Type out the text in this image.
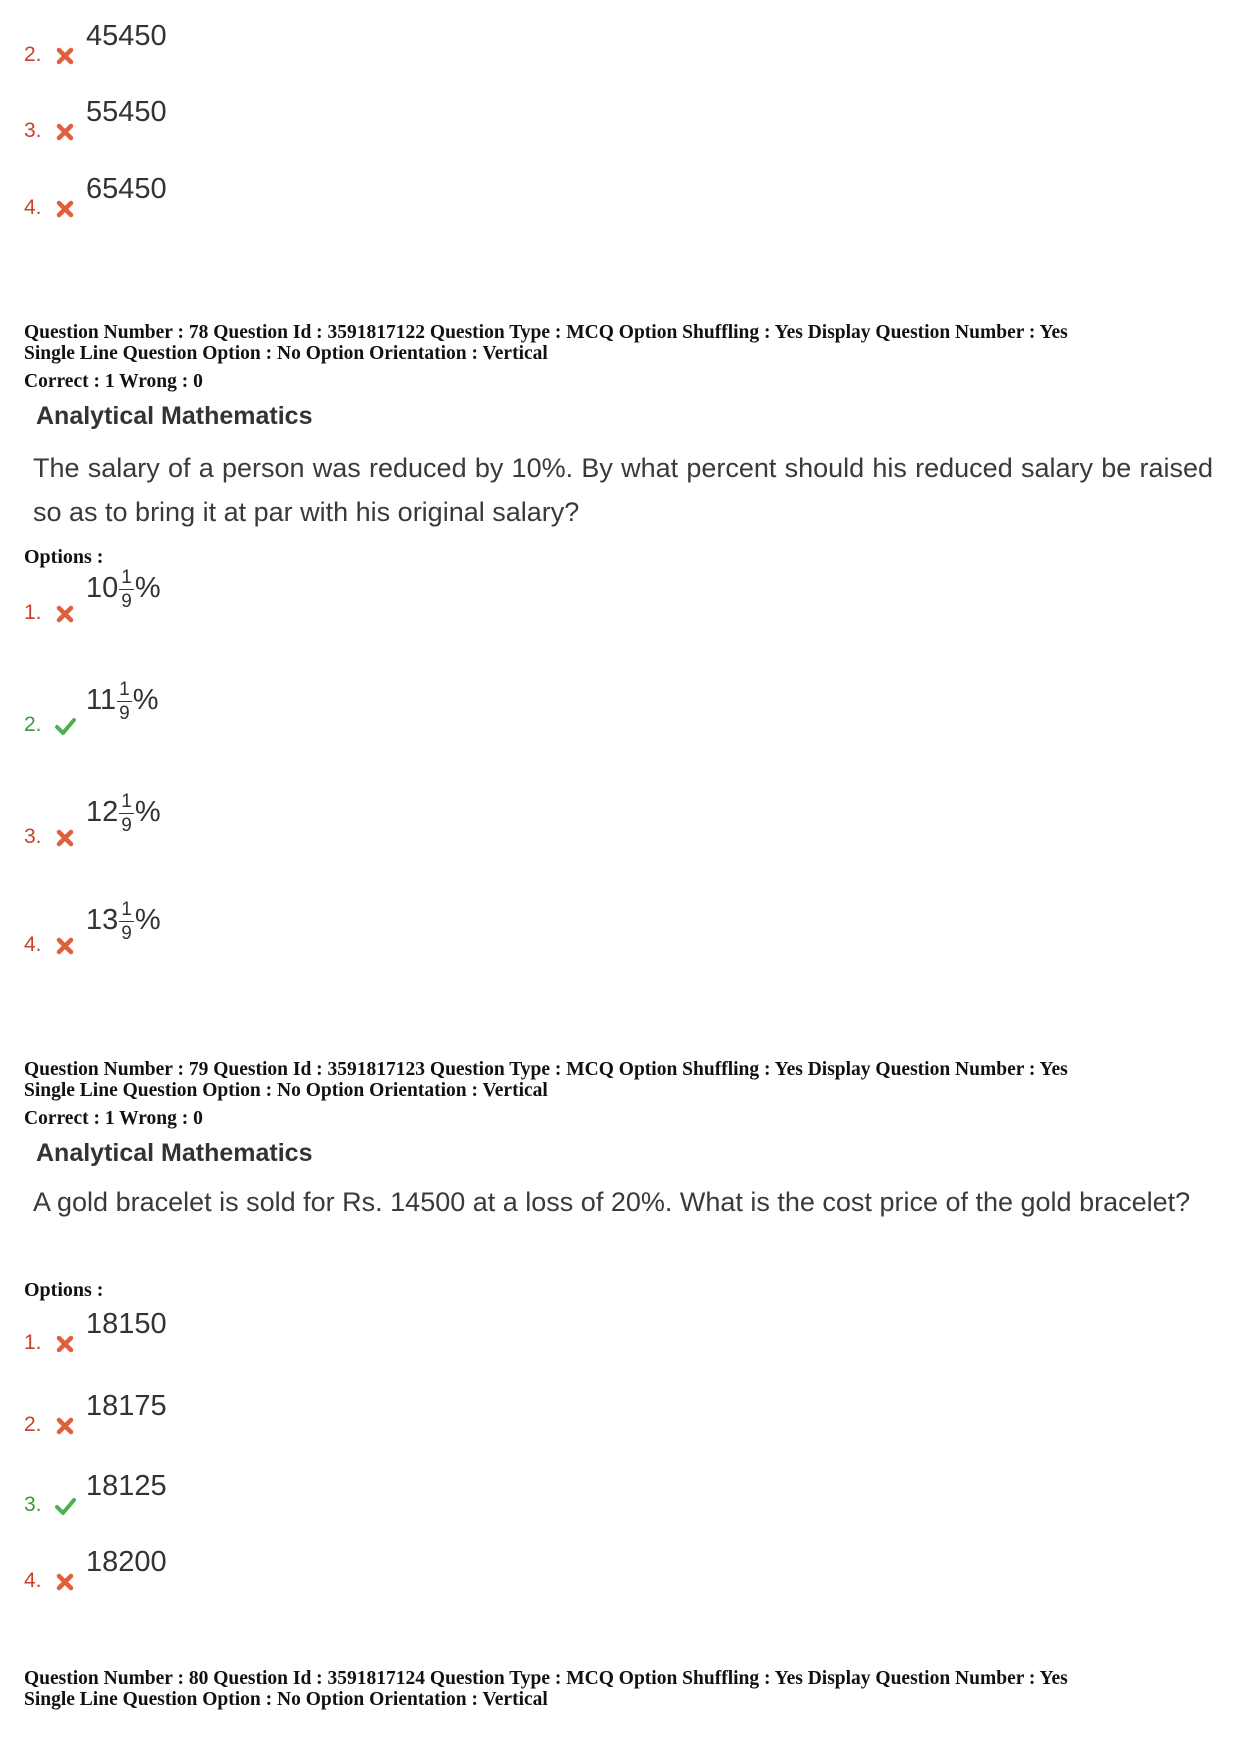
2.
45450
3.
55450
4.
65450
Question Number : 78 Question Id : 3591817122 Question Type : MCQ Option Shuffling : Yes Display Question Number : Yes
Single Line Question Option : No Option Orientation : Vertical
Correct : 1 Wrong : 0
Analytical Mathematics
The salary of a person was reduced by 10%. By what percent should his reduced salary be raised so as to bring it at par with his original salary?
Options :
1.
$10 \frac{1}{9}$ %
2.
$11 \frac{1}{9}$ %
3.
$12 \frac{1}{9}$ %
4.
$13 \frac{1}{9}$ %
Question Number : 79 Question Id : 3591817123 Question Type : MCQ Option Shuffling : Yes Display Question Number : Yes
Single Line Question Option : No Option Orientation : Vertical
Correct : 1 Wrong : 0
Analytical Mathematics
A gold bracelet is sold for Rs. 14500 at a loss of 20%. What is the cost price of the gold bracelet?
Options :
1.
18150
2.
18175
3.
18125
4.
18200
Question Number : 80 Question Id : 3591817124 Question Type : MCQ Option Shuffling : Yes Display Question Number : Yes
Single Line Question Option : No Option Orientation : Vertical
